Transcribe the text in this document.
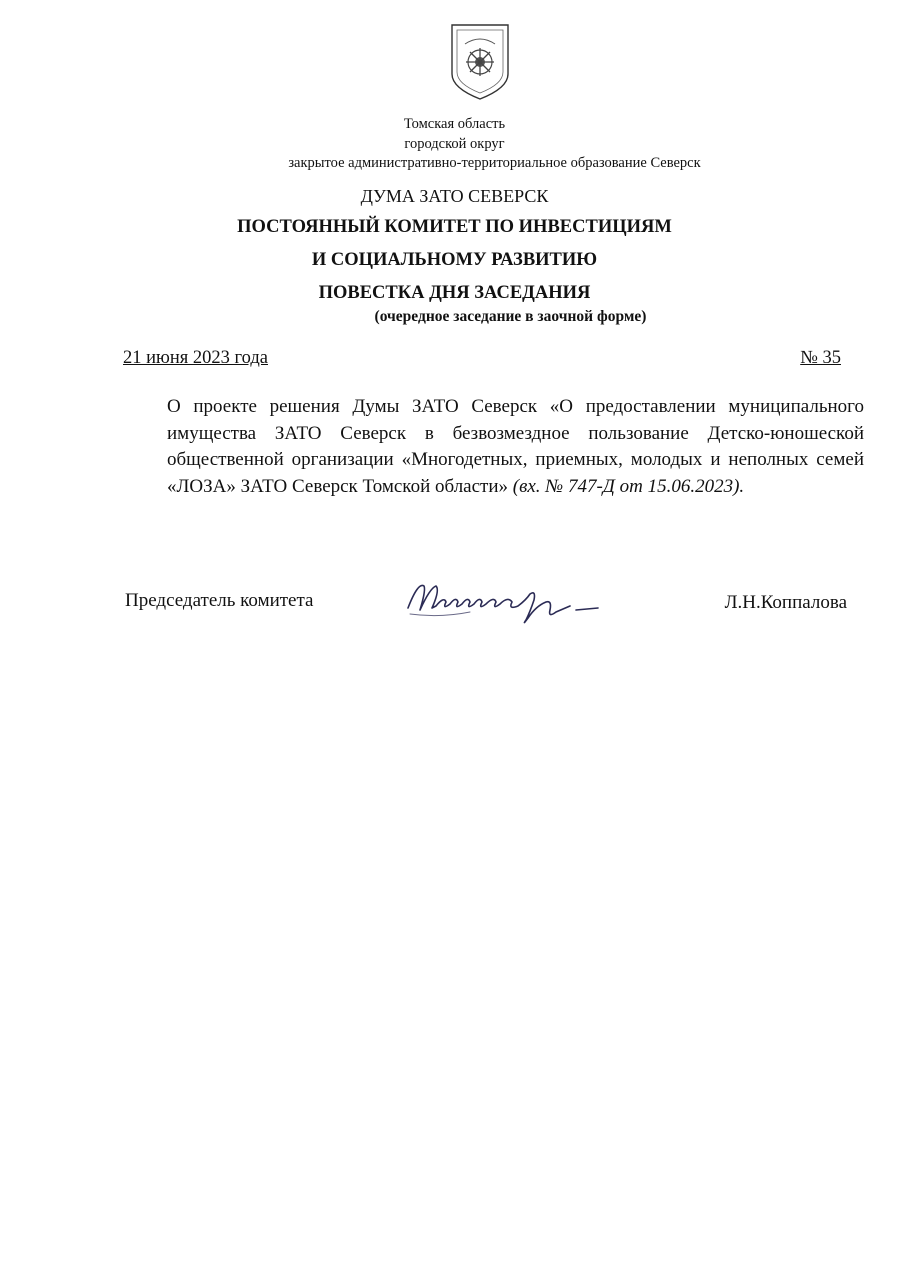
Томская область
городской округ
закрытое административно-территориальное образование Северск
ДУМА ЗАТО СЕВЕРСК
ПОСТОЯННЫЙ КОМИТЕТ ПО ИНВЕСТИЦИЯМ
И СОЦИАЛЬНОМУ РАЗВИТИЮ
ПОВЕСТКА ДНЯ ЗАСЕДАНИЯ
(очередное заседание в заочной форме)
21 июня 2023 года	№ 35
О проекте решения Думы ЗАТО Северск «О предоставлении муниципального имущества ЗАТО Северск в безвозмездное пользование Детско-юношеской общественной организации «Многодетных, приемных, молодых и неполных семей «ЛОЗА» ЗАТО Северск Томской области» (вх. № 747-Д от 15.06.2023).
Председатель комитета	Л.Н.Коппалова
